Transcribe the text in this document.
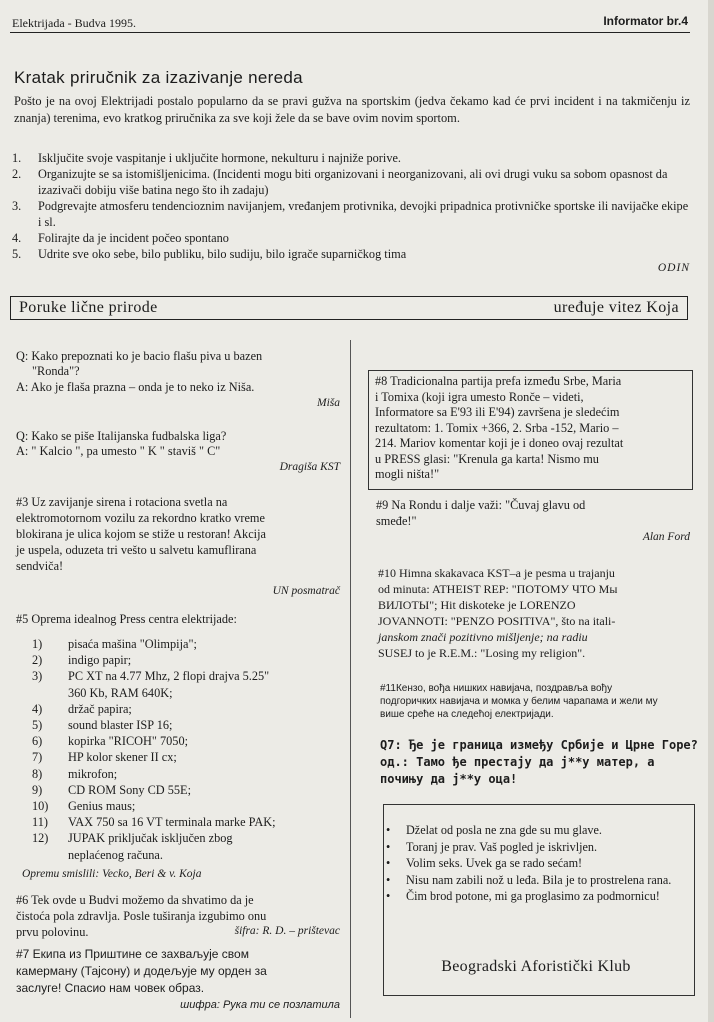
Elektrijada - Budva 1995.	Informator br.4
Kratak priručnik za izazivanje nereda
Pošto je na ovoj Elektrijadi postalo popularno da se pravi gužva na sportskim (jedva čekamo kad će prvi incident i na takmičenju iz znanja) terenima, evo kratkog priručnika za sve koji žele da se bave ovim novim sportom.
1.	Isključite svoje vaspitanje i uključite hormone, nekulturu i najniže porive.
2.	Organizujte se sa istomišljenicima. (Incidenti mogu biti organizovani i neorganizovani, ali ovi drugi vuku sa sobom opasnost da izazivači dobiju više batina nego što ih zadaju)
3.	Podgrevajte atmosferu tendencioznim navijanjem, vređanjem protivnika, devojki pripadnica protivničke sportske ili navijačke ekipe i sl.
4.	Folirajte da je incident počeo spontano
5.	Udrite sve oko sebe, bilo publiku, bilo sudiju, bilo igrače suparničkog tima
ODIN
Poruke lične prirode	uređuje vitez Koja
Q: Kako prepoznati ko je bacio flašu piva u bazen
"Ronda"?
A: Ako je flaša prazna – onda je to neko iz Niša.
Miša
Q: Kako se piše Italijanska fudbalska liga?
A: " Kalcio ", pa umesto " K " staviš " C"
Dragiša KST
#3 Uz zavijanje sirena i rotaciona svetla na
elektromotornom vozilu za rekordno kratko vreme
blokirana je ulica kojom se stiže u restoran! Akcija
je uspela, oduzeta tri vešto u salvetu kamuflirana
sendviča!
UN posmatrač
#5 Oprema idealnog Press centra elektrijade:
1)	pisaća mašina "Olimpija";
2)	indigo papir;
3)	PC XT na 4.77 Mhz, 2 flopi drajva 5.25"
360 Kb, RAM 640K;
4)	držač papira;
5)	sound blaster ISP 16;
6)	kopirka "RICOH" 7050;
7)	HP kolor skener II cx;
8)	mikrofon;
9)	CD ROM Sony CD 55E;
10)	Genius maus;
11)	VAX 750 sa 16 VT terminala marke PAK;
12)	JUPAK priključak isključen zbog
neplaćenog računa.
Opremu smislili: Vecko, Beri & v. Koja
#6 Tek ovde u Budvi možemo da shvatimo da je
čistoća pola zdravlja. Posle tuširanja izgubimo onu
prvu polovinu.	šifra: R. D. – prištevac
#7 Екипа из Приштине се захваљује свом
камерману (Тајсону) и додељује му орден за
заслуге! Спасио нам човек образ.
шифра: Рука ти се позлатила
#8 Tradicionalna partija prefa između Srbe, Maria
i Tomixa (koji igra umesto Ronče – videti,
Informatore sa E'93 ili E'94) završena je sledećim
rezultatom: 1. Tomix +366, 2. Srba -152, Mario –
214. Mariov komentar koji je i doneo ovaj rezultat
u PRESS glasi: "Krenula ga karta! Nismo mu
mogli ništa!"
#9 Na Rondu i dalje važi: "Čuvaj glavu od
smeđe!"
Alan Ford
#10 Himna skakavaca KST–a je pesma u trajanju
od minuta: ATHEIST REP: "ПОТОМУ ЧТО Мы
ВИЛОТЫ"; Hit diskoteke je LORENZO
JOVANNOTI: "PENZO POSITIVA", što na itali-
janskom znači pozitivno mišljenje; na radiu
SUSEJ to je R.E.M.: "Losing my religion".
#11Кензо, вођа нишких навијача, поздравља вођу
подгоричких навијача и момка у белим чарапама и жели му
више среће на следећој електријади.
Q7: Ђе је граница између Србије и Црне Горе?
од.: Тамо ђе престају да ј**у матер, а
почињу да ј**у оца!
•	Dželat od posla ne zna gde su mu glave.
•	Toranj je prav. Vaš pogled je iskrivljen.
•	Volim seks. Uvek ga se rado sećam!
•	Nisu nam zabili nož u leđa. Bila je to prostrelena rana.
•	Čim brod potone, mi ga proglasimo za podmornicu!
Beogradski Aforistički Klub
